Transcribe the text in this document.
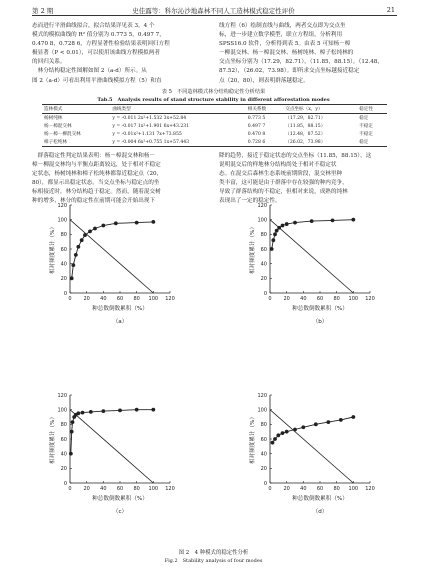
第 2 期	史佳露等：科尔沁沙地森林不同人工造林模式稳定性评价	21
态而进行平滑曲线拟合，拟合结果详见表 3。4 个
模式的模拟曲线的 R² 值分别为 0.773 5，0.497 7，
0.470 8，0.728 6，方程显著性检验结果表明回归方程
极显著（P < 0.01），可以使用该曲线方程模拟两者
的回归关系。
　林分结构稳定性图解如图 2（a-d）所示。从
图 2（a-d）可看出利用平滑曲线模拟方程（5）和直
线方程（6）绘制直线与曲线，两者交点即为交点坐
标，进一步建立数学模型，联立方程组，分析利用
SPSS16.0 软件，分析得到表 5。由表 5 可知杨－樟
－柳混交林、杨－樟混交林、杨树纯林、樟子松纯林的
交点坐标分别为（17.29，82.71），（11.85，88.15），（12.48，
87.52），（26.02，73.98）。即所求交点坐标越接近稳定
点（20，80），则表明群落越稳定。
表 5　不同造林模式林分结构稳定性分析结果
Tab.5　Analysis results of stand structure stability in different afforestation modes
造林模式	曲线类型	相关系数	交点坐标（x，y）	稳定性
杨树纯林	y = -0.011 2x²+1.532 3x+52.84	0.773 5	（17.29，82.71）	稳定
杨－樟混交林	y = -0.017 1x²+1.901 6x+43.231	0.497 7	（11.85，88.15）	不稳定
杨－樟－柳混交林	y = -0.01x²+1.131 7x+73.855	0.470 8	（12.48，87.52）	不稳定
樟子松纯林	y = -0.004 6x²+0.755 1x+57.443	0.728 6	（26.02，73.98）	稳定
　群落稳定性判定结果表明：杨－樟混交林和杨－
樟－柳混交林均与平衡点距离较远，处于相对不稳定
定状态，杨树纯林和樟子松纯林都靠近稳定点（20，
80），都显示出稳定状态。当交点坐标与稳定点的坐
标相接近时，林分结构趋于稳定。然而，随着混交树
种的增多，林分的稳定性在前期可能会开始出现下
降的趋势，接近于稳定状态的交点坐标（11.85，88.15），这
说明混交后的样地林分结构尚处于相对不稳定状
态。在混交后森林生态系统前期阶段，混交林里种
类丰富，这可能是由于群落中存在较强的种内竞争，
导致了群落结构的不稳定，但相对来说，成熟的纯林
表现出了一定的稳定性。
0
0
20
20
40
40
60
60
80
80
100
100
120
120
种总数倒数累积（%）
相对频度累计（%）
（a）
0
0
20
20
40
40
60
60
80
80
100
100
120
120
种总数倒数累积（%）
相对频度累计（%）
（b）
0
0
20
20
40
40
60
60
80
80
100
100
120
120
种总数倒数累积（%）
相对频度累计（%）
（c）
0
0
20
20
40
40
60
60
80
80
100
100
120
120
种总数倒数累积（%）
相对频度累计（%）
（d）
图 2　4 种模式的稳定性分析
Fig.2　Stability analysis of four modes
